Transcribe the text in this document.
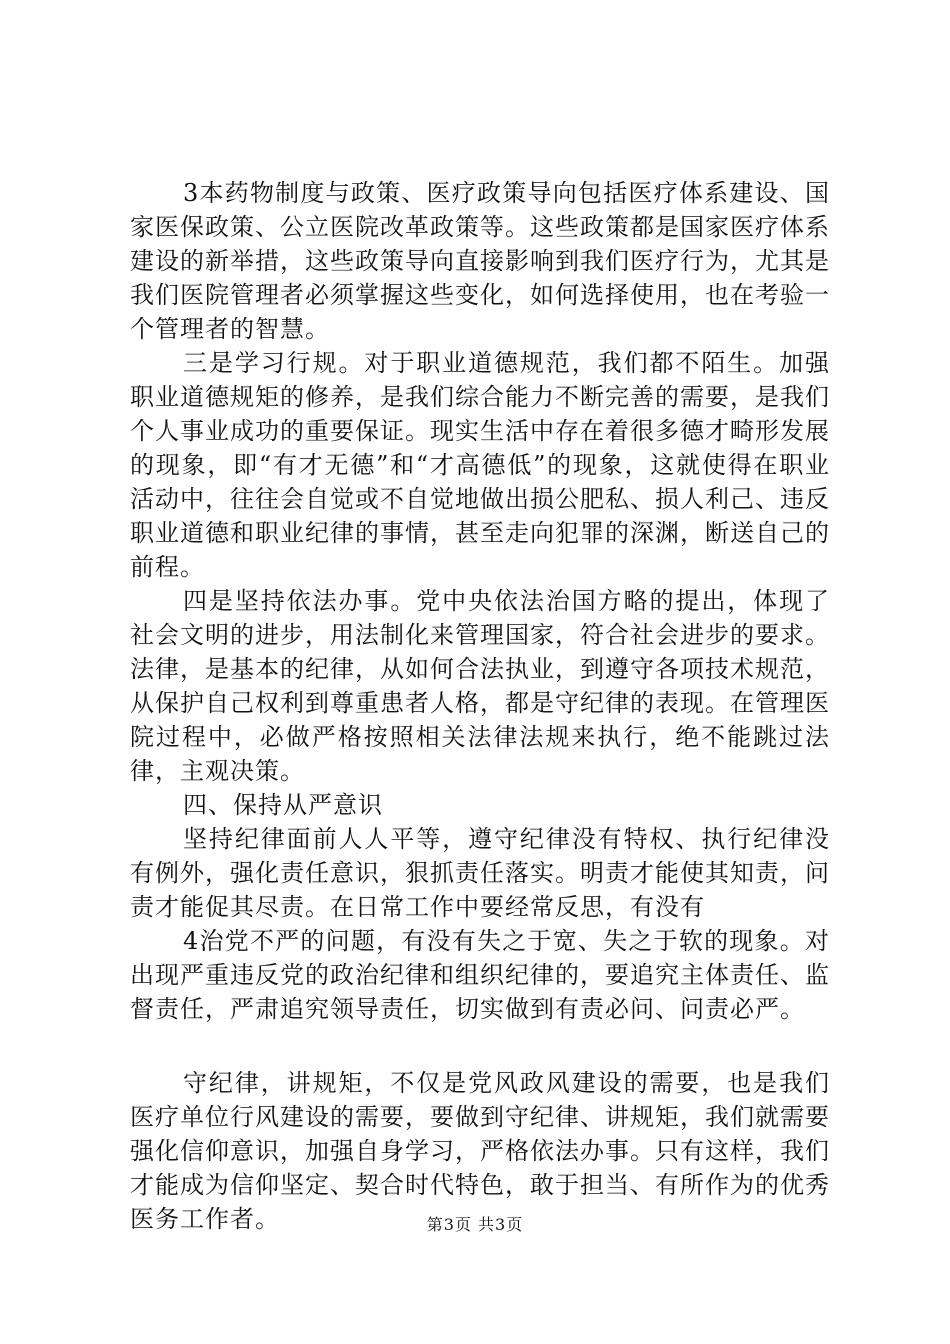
3本药物制度与政策、医疗政策导向包括医疗体系建设、国家医保政策、公立医院改革政策等。这些政策都是国家医疗体系建设的新举措，这些政策导向直接影响到我们医疗行为，尤其是我们医院管理者必须掌握这些变化，如何选择使用，也在考验一个管理者的智慧。

三是学习行规。对于职业道德规范，我们都不陌生。加强职业道德规矩的修养，是我们综合能力不断完善的需要，是我们个人事业成功的重要保证。现实生活中存在着很多德才畸形发展的现象，即“有才无德”和“才高德低”的现象，这就使得在职业活动中，往往会自觉或不自觉地做出损公肥私、损人利己、违反职业道德和职业纪律的事情，甚至走向犯罪的深渊，断送自己的前程。

四是坚持依法办事。党中央依法治国方略的提出，体现了社会文明的进步，用法制化来管理国家，符合社会进步的要求。法律，是基本的纪律，从如何合法执业，到遵守各项技术规范，从保护自己权利到尊重患者人格，都是守纪律的表现。在管理医院过程中，必做严格按照相关法律法规来执行，绝不能跳过法律，主观决策。

四、保持从严意识

坚持纪律面前人人平等，遵守纪律没有特权、执行纪律没有例外，强化责任意识，狠抓责任落实。明责才能使其知责，问责才能促其尽责。在日常工作中要经常反思，有没有

4治党不严的问题，有没有失之于宽、失之于软的现象。对出现严重违反党的政治纪律和组织纪律的，要追究主体责任、监督责任，严肃追究领导责任，切实做到有责必问、问责必严。

守纪律，讲规矩，不仅是党风政风建设的需要，也是我们医疗单位行风建设的需要，要做到守纪律、讲规矩，我们就需要强化信仰意识，加强自身学习，严格依法办事。只有这样，我们才能成为信仰坚定、契合时代特色，敢于担当、有所作为的优秀医务工作者。	第3页 共3页
